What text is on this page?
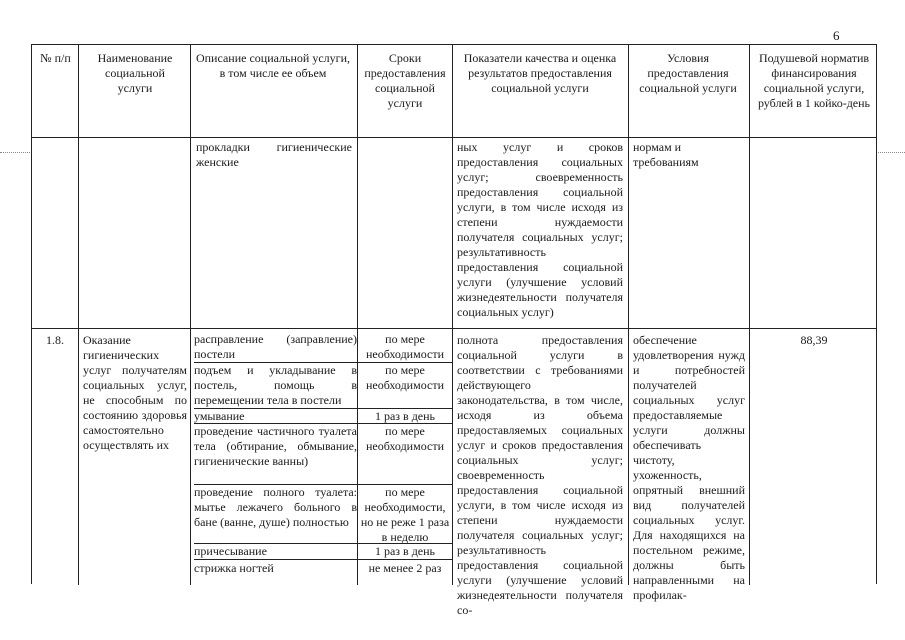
6
№ п/п	Наименование социальной услуги
Описание социальной услуги, в том числе ее объем
Сроки предоставления социальной услуги
Показатели качества и оценка результатов предоставления социальной услуги
Условия предоставления социальной услуги
Подушевой норматив финансирования социальной услуги, рублей в 1 койко-день
прокладки гигиенические женские
ных услуг и сроков предоставления социальных услуг; своевременность предоставления социальной услуги, в том числе исходя из степени нуждаемости получателя социальных услуг; результативность предоставления социальной услуги (улучшение условий жизнедеятельности получателя социальных услуг)
нормам и требованиям
1.8.	Оказание гигиенических услуг получателям социальных услуг, не способным по состоянию здоровья самостоятельно осуществлять их
расправление (заправление) постели
подъем и укладывание в постель, помощь в перемещении тела в постели
умывание
проведение частичного туалета тела (обтирание, обмывание, гигиенические ванны)
проведение полного туалета: мытье лежачего больного в бане (ванне, душе) полностью
причесывание
стрижка ногтей
по мере необходимости
по мере необходимости
1 раз в день
по мере необходимости
по мере необходимости, но не реже 1 раза в неделю
1 раз в день
не менее 2 раз
полнота предоставления социальной услуги в соответствии с требованиями действующего законодательства, в том числе, исходя из объема предоставляемых социальных услуг и сроков предоставления социальных услуг; своевременность предоставления социальной услуги, в том числе исходя из степени нуждаемости получателя социальных услуг; результативность предоставления социальной услуги (улучшение условий жизнедеятельности получателя со-
обеспечение удовлетворения нужд и потребностей получателей социальных услуг предоставляемые услуги должны обеспечивать чистоту, ухоженность, опрятный внешний вид получателей социальных услуг. Для находящихся на постельном режиме, должны быть направленными на профилак-
88,39
